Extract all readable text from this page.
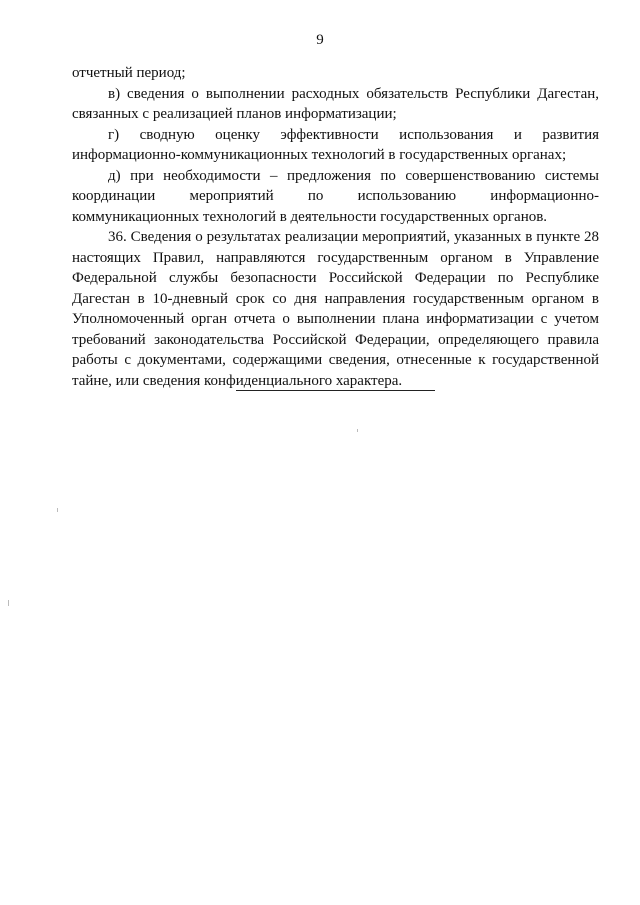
9

отчетный период;

в) сведения о выполнении расходных обязательств Республики Дагестан, связанных с реализацией планов информатизации;

г) сводную оценку эффективности использования и развития информационно-коммуникационных технологий в государственных органах;

д) при необходимости – предложения по совершенствованию системы координации мероприятий по использованию информационно-коммуникационных технологий в деятельности государственных органов.

36. Сведения о результатах реализации мероприятий, указанных в пункте 28 настоящих Правил, направляются государственным органом в Управление Федеральной службы безопасности Российской Федерации по Республике Дагестан в 10-дневный срок со дня направления государственным органом в Уполномоченный орган отчета о выполнении плана информатизации с учетом требований законодательства Российской Федерации, определяющего правила работы с документами, содержащими сведения, отнесенные к государственной тайне, или сведения конфиденциального характера.
